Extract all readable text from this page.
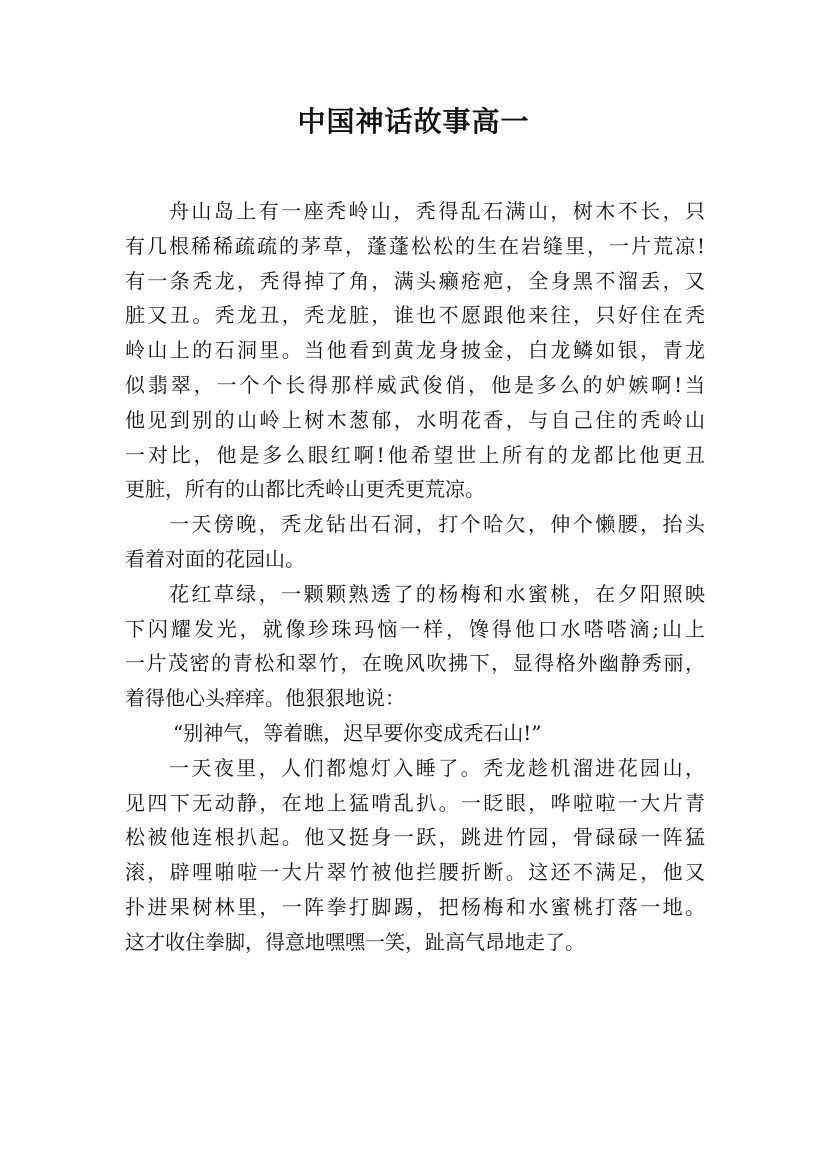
中国神话故事高一
舟山岛上有一座秃岭山，秃得乱石满山，树木不长，只
有几根稀稀疏疏的茅草，蓬蓬松松的生在岩缝里，一片荒凉!
有一条秃龙，秃得掉了角，满头癞疮疤，全身黑不溜丢，又
脏又丑。秃龙丑，秃龙脏，谁也不愿跟他来往，只好住在秃
岭山上的石洞里。当他看到黄龙身披金，白龙鳞如银，青龙
似翡翠，一个个长得那样威武俊俏，他是多么的妒嫉啊!当
他见到别的山岭上树木葱郁，水明花香，与自己住的秃岭山
一对比，他是多么眼红啊!他希望世上所有的龙都比他更丑
更脏，所有的山都比秃岭山更秃更荒凉。
一天傍晚，秃龙钻出石洞，打个哈欠，伸个懒腰，抬头
看着对面的花园山。
花红草绿，一颗颗熟透了的杨梅和水蜜桃，在夕阳照映
下闪耀发光，就像珍珠玛恼一样，馋得他口水嗒嗒滴;山上
一片茂密的青松和翠竹，在晚风吹拂下，显得格外幽静秀丽，
着得他心头痒痒。他狠狠地说：
“别神气，等着瞧，迟早要你变成秃石山!”
一天夜里，人们都熄灯入睡了。秃龙趁机溜进花园山，
见四下无动静，在地上猛啃乱扒。一眨眼，哗啦啦一大片青
松被他连根扒起。他又挺身一跃，跳进竹园，骨碌碌一阵猛
滚，辟哩啪啦一大片翠竹被他拦腰折断。这还不满足，他又
扑进果树林里，一阵拳打脚踢，把杨梅和水蜜桃打落一地。
这才收住拳脚，得意地嘿嘿一笑，趾高气昂地走了。
